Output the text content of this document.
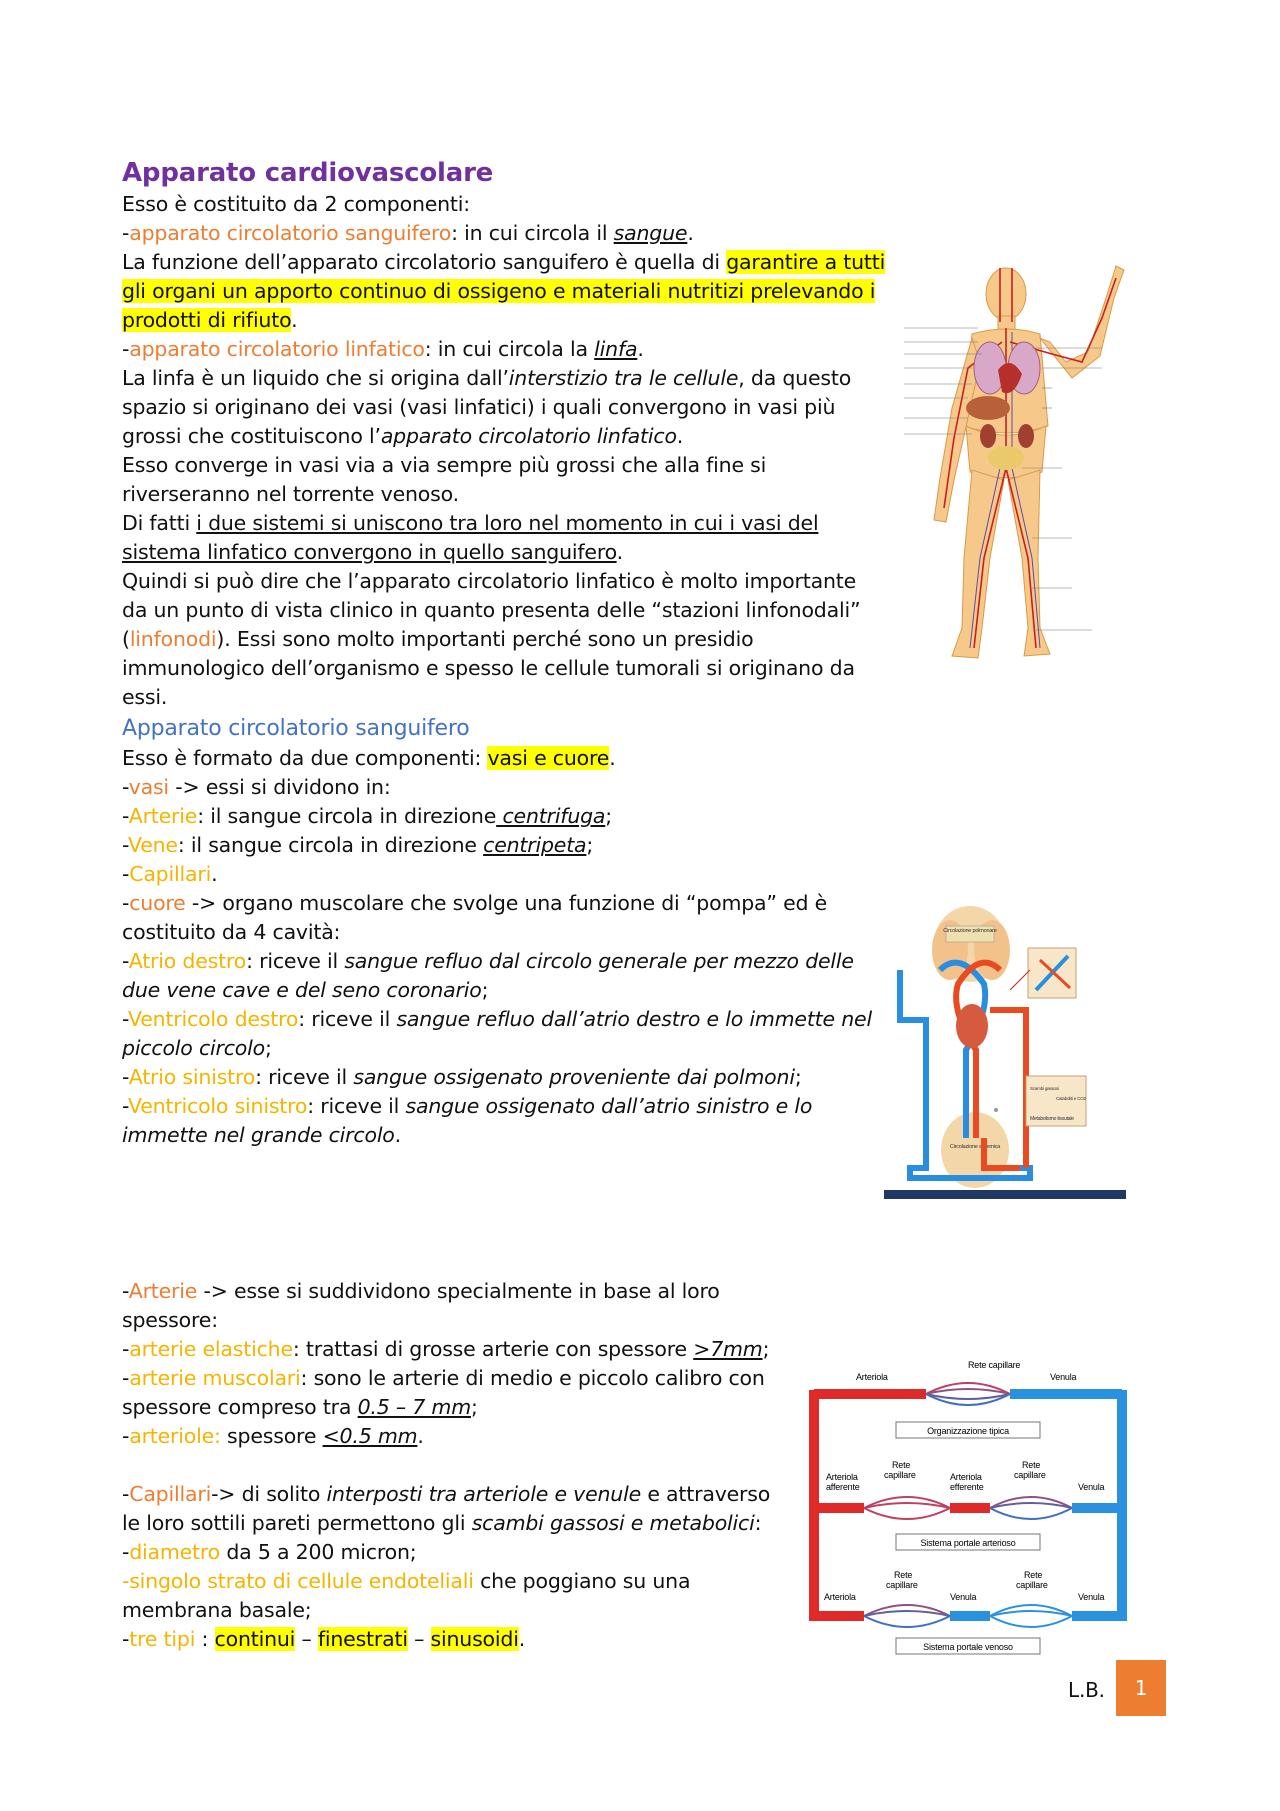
Apparato cardiovascolare

Esso è costituito da 2 componenti:

-apparato circolatorio sanguifero: in cui circola il sangue.

La funzione dell’apparato circolatorio sanguifero è quella di garantire a tutti gli organi un apporto continuo di ossigeno e materiali nutritizi prelevando i prodotti di rifiuto.

-apparato circolatorio linfatico: in cui circola la linfa.

La linfa è un liquido che si origina dall’interstizio tra le cellule, da questo spazio si originano dei vasi (vasi linfatici) i quali convergono in vasi più grossi che costituiscono l’apparato circolatorio linfatico.

Esso converge in vasi via a via sempre più grossi che alla fine si riverseranno nel torrente venoso.

Di fatti i due sistemi si uniscono tra loro nel momento in cui i vasi del sistema linfatico convergono in quello sanguifero.

Quindi si può dire che l’apparato circolatorio linfatico è molto importante da un punto di vista clinico in quanto presenta delle “stazioni linfonodali” (linfonodi). Essi sono molto importanti perché sono un presidio immunologico dell’organismo e spesso le cellule tumorali si originano da essi.

Apparato circolatorio sanguifero

Esso è formato da due componenti: vasi e cuore.

-vasi -> essi si dividono in:

-Arterie: il sangue circola in direzione centrifuga;

-Vene: il sangue circola in direzione centripeta;

-Capillari.

-cuore -> organo muscolare che svolge una funzione di “pompa” ed è costituito da 4 cavità:

-Atrio destro: riceve il sangue refluo dal circolo generale per mezzo delle due vene cave e del seno coronario;

-Ventricolo destro: riceve il sangue refluo dall’atrio destro e lo immette nel piccolo circolo;

-Atrio sinistro: riceve il sangue ossigenato proveniente dai polmoni;

-Ventricolo sinistro: riceve il sangue ossigenato dall’atrio sinistro e lo immette nel grande circolo.

Circolazione polmonare
Circolazione sistemica
Scambi gassosi
Cataboliti e CO2
Metabolismo tissutale

-Arterie -> esse si suddividono specialmente in base al loro spessore:

-arterie elastiche: trattasi di grosse arterie con spessore >7mm;

-arterie muscolari: sono le arterie di medio e piccolo calibro con spessore compreso tra 0.5 – 7 mm;

-arteriole: spessore <0.5 mm.

-Capillari-> di solito interposti tra arteriole e venule e attraverso le loro sottili pareti permettono gli scambi gassosi e metabolici:

-diametro da 5 a 200 micron;

-singolo strato di cellule endoteliali che poggiano su una membrana basale;

-tre tipi : continui – finestrati – sinusoidi.

Arteriola
Rete capillare
Venula
Organizzazione tipica
Arteriola
afferente
Rete
capillare	Arteriola
efferente
Rete
capillare
Venula
Sistema portale arterioso
Arteriola
Rete
capillare
Venula
Rete
capillare
Venula
Sistema portale venoso
L.B.	1
